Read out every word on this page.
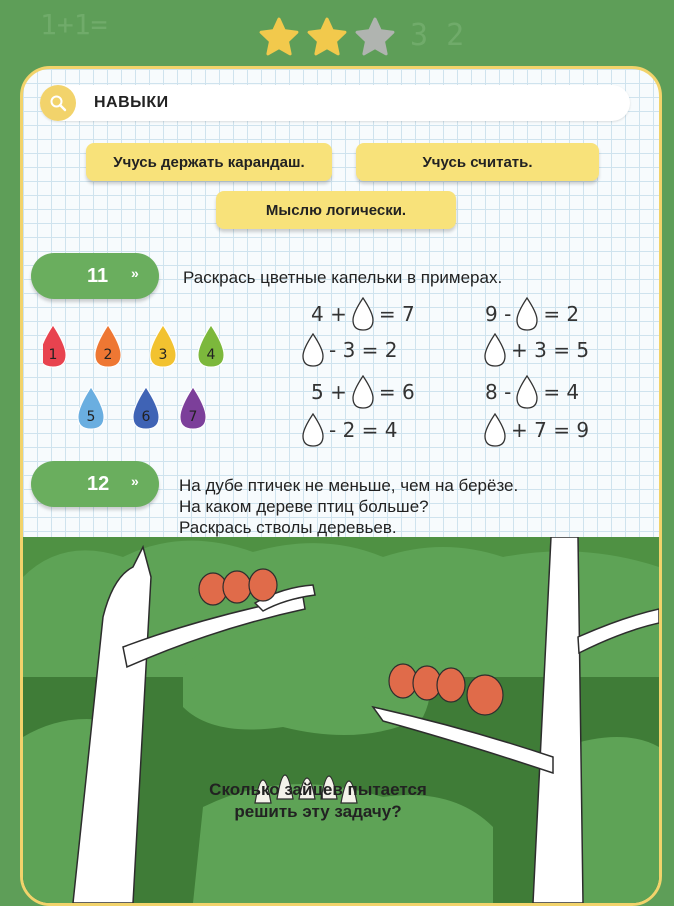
1+1=	3 2
НАВЫКИ
Учусь держать карандаш.	Учусь считать.
Мыслю логически.
11 »	Раскрась цветные капельки в примерах.
1	2	3	4
5	6	7
4 + = 7
- 3 = 2
5 + = 6
- 2 = 4
9 - = 2
+ 3 = 5
8 - = 4
+ 7 = 9
12 » На дубе птичек не меньше, чем на берёзе.
На каком дереве птиц больше?
Раскрась стволы деревьев.
Сколько зайцев пытается
решить эту задачу?
